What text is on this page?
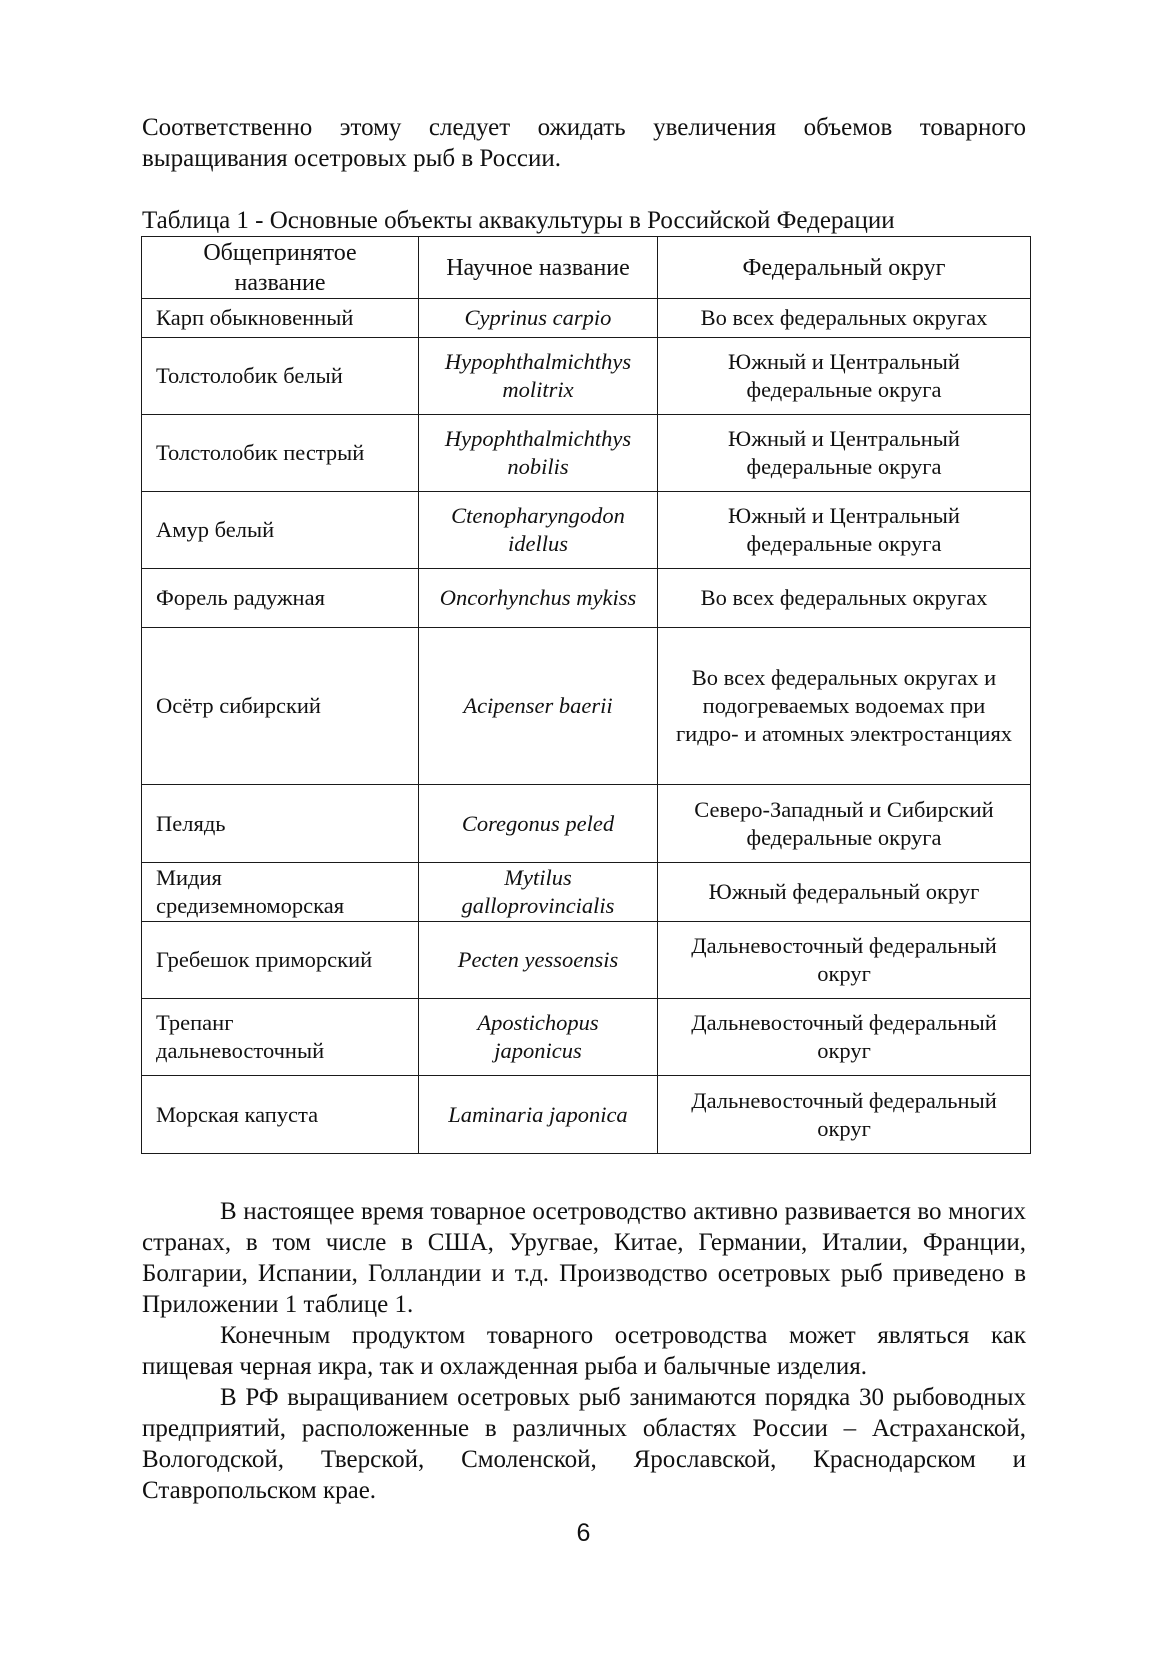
Соответственно этому следует ожидать увеличения объемов товарного выращивания осетровых рыб в России.

Таблица 1 - Основные объекты аквакультуры в Российской Федерации
Общепринятое название	Научное название	Федеральный округ
Карп обыкновенный	Cyprinus carpio	Во всех федеральных округах
Толстолобик белый	Hypophthalmichthys molitrix	Южный и Центральный федеральные округа
Толстолобик пестрый	Hypophthalmichthys nobilis	Южный и Центральный федеральные округа
Амур белый	Ctenopharyngodon idellus	Южный и Центральный федеральные округа
Форель радужная	Oncorhynchus mykiss	Во всех федеральных округах
Осётр сибирский	Acipenser baerii	Во всех федеральных округах и подогреваемых водоемах при гидро- и атомных электростанциях
Пелядь	Coregonus peled	Северо-Западный и Сибирский федеральные округа
Мидия средиземноморская	Mytilus galloprovincialis	Южный федеральный округ
Гребешок приморский	Pecten yessoensis	Дальневосточный федеральный округ
Трепанг дальневосточный	Apostichopus japonicus	Дальневосточный федеральный округ
Морская капуста	Laminaria japonica	Дальневосточный федеральный округ

В настоящее время товарное осетроводство активно развивается во многих странах, в том числе в США, Уругвае, Китае, Германии, Италии, Франции, Болгарии, Испании, Голландии и т.д. Производство осетровых рыб приведено в Приложении 1 таблице 1.

Конечным продуктом товарного осетроводства может являться как пищевая черная икра, так и охлажденная рыба и балычные изделия.

В РФ выращиванием осетровых рыб занимаются порядка 30 рыбоводных предприятий, расположенные в различных областях России – Астраханской, Вологодской, Тверской, Смоленской, Ярославской, Краснодарском и Ставропольском крае.

6
